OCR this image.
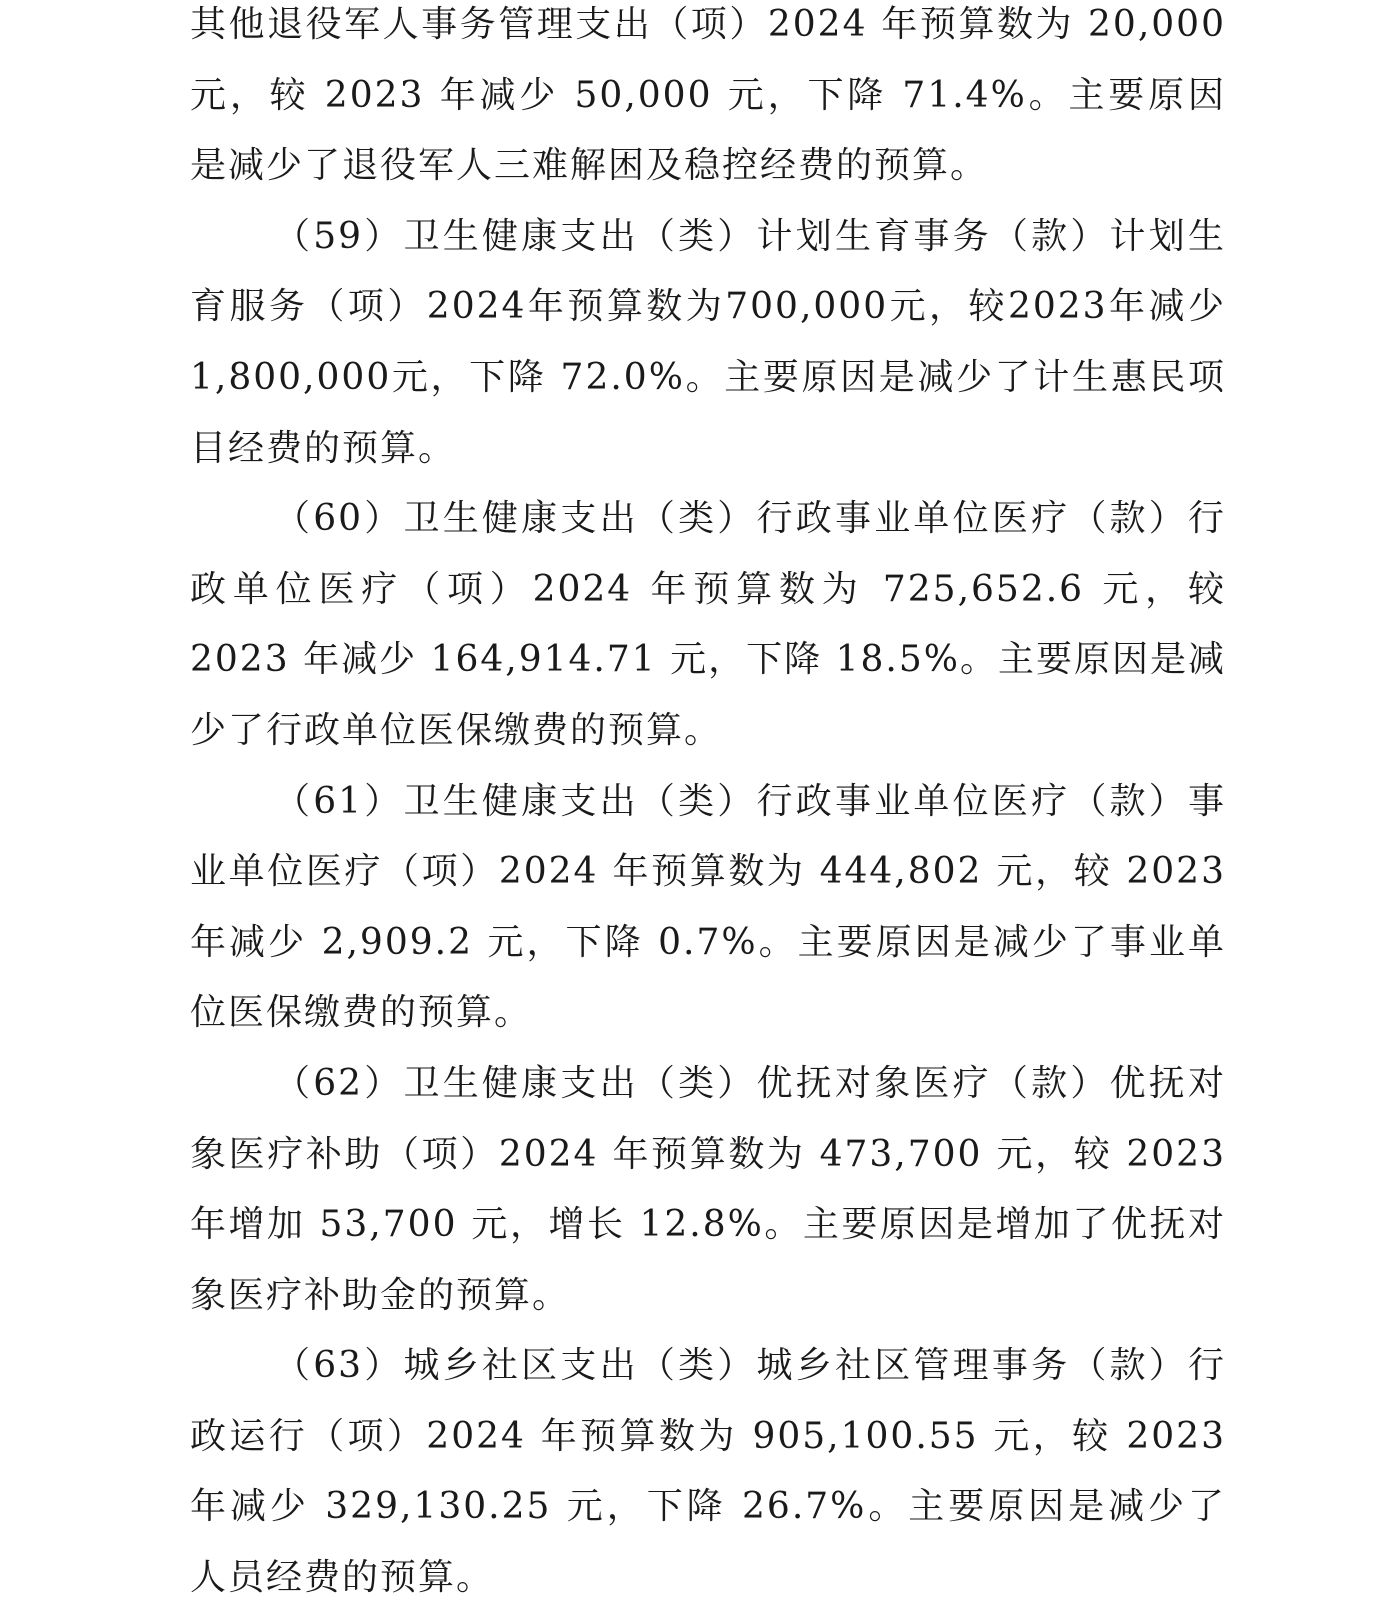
其他退役军人事务管理支出（项）2024 年预算数为 20,000 元，较 2023 年减少 50,000 元，下降 71.4%。主要原因是减少了退役军人三难解困及稳控经费的预算。

（59）卫生健康支出（类）计划生育事务（款）计划生育服务（项）2024年预算数为700,000元，较2023年减少1,800,000元，下降 72.0%。主要原因是减少了计生惠民项目经费的预算。

（60）卫生健康支出（类）行政事业单位医疗（款）行政单位医疗（项）2024 年预算数为 725,652.6 元，较 2023 年减少 164,914.71 元，下降 18.5%。主要原因是减少了行政单位医保缴费的预算。

（61）卫生健康支出（类）行政事业单位医疗（款）事业单位医疗（项）2024 年预算数为 444,802 元，较 2023 年减少 2,909.2 元，下降 0.7%。主要原因是减少了事业单位医保缴费的预算。

（62）卫生健康支出（类）优抚对象医疗（款）优抚对象医疗补助（项）2024 年预算数为 473,700 元，较 2023 年增加 53,700 元，增长 12.8%。主要原因是增加了优抚对象医疗补助金的预算。

（63）城乡社区支出（类）城乡社区管理事务（款）行政运行（项）2024 年预算数为 905,100.55 元，较 2023 年减少 329,130.25 元，下降 26.7%。主要原因是减少了人员经费的预算。
